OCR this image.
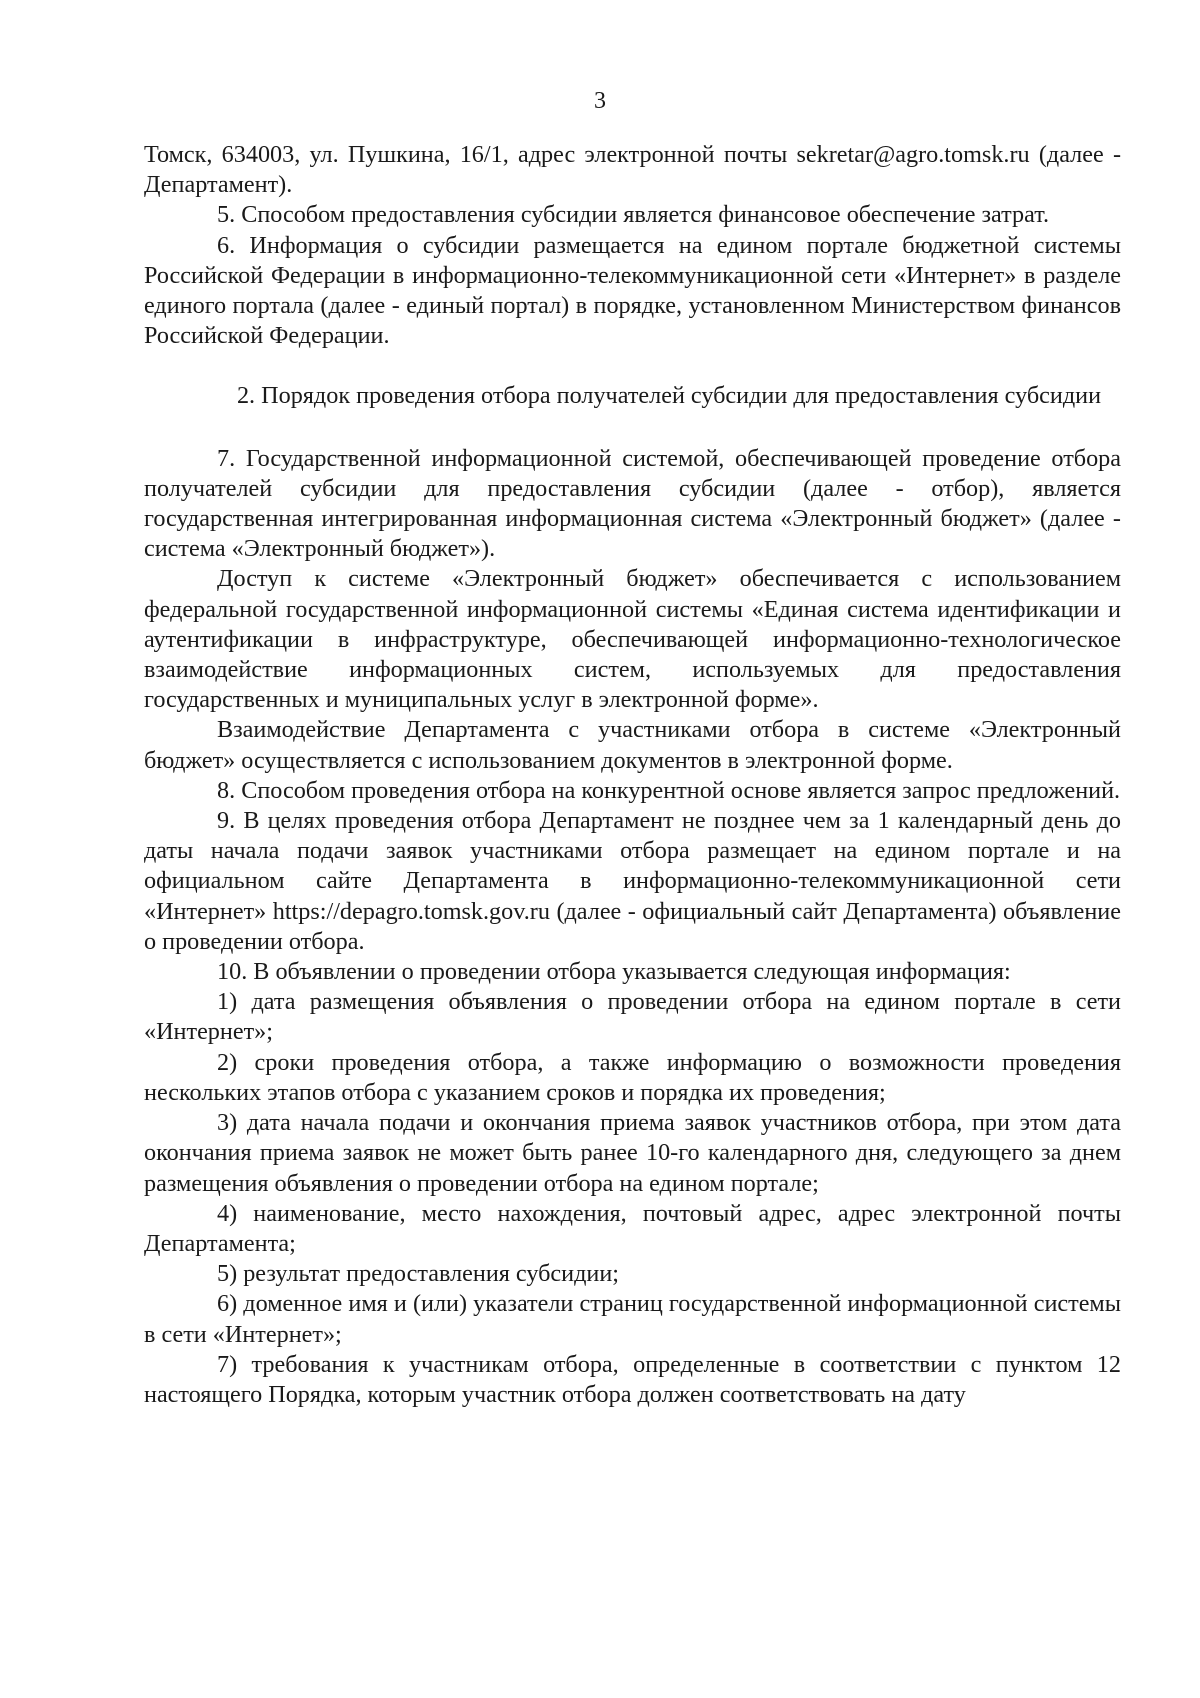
3

Томск, 634003, ул. Пушкина, 16/1, адрес электронной почты sekretar@agro.tomsk.ru (далее - Департамент).

5. Способом предоставления субсидии является финансовое обеспечение затрат.

6. Информация о субсидии размещается на едином портале бюджетной системы Российской Федерации в информационно-телекоммуникационной сети «Интернет» в разделе единого портала (далее - единый портал) в порядке, установленном Министерством финансов Российской Федерации.

2. Порядок проведения отбора получателей субсидии для предоставления субсидии

7. Государственной информационной системой, обеспечивающей проведение отбора получателей субсидии для предоставления субсидии (далее - отбор), является государственная интегрированная информационная система «Электронный бюджет» (далее - система «Электронный бюджет»).

Доступ к системе «Электронный бюджет» обеспечивается с использованием федеральной государственной информационной системы «Единая система идентификации и аутентификации в инфраструктуре, обеспечивающей информационно-технологическое взаимодействие информационных систем, используемых для предоставления государственных и муниципальных услуг в электронной форме».

Взаимодействие Департамента с участниками отбора в системе «Электронный бюджет» осуществляется с использованием документов в электронной форме.

8. Способом проведения отбора на конкурентной основе является запрос предложений.

9. В целях проведения отбора Департамент не позднее чем за 1 календарный день до даты начала подачи заявок участниками отбора размещает на едином портале и на официальном сайте Департамента в информационно-телекоммуникационной сети «Интернет» https://depagro.tomsk.gov.ru (далее - официальный сайт Департамента) объявление о проведении отбора.

10. В объявлении о проведении отбора указывается следующая информация:

1) дата размещения объявления о проведении отбора на едином портале в сети «Интернет»;

2) сроки проведения отбора, а также информацию о возможности проведения нескольких этапов отбора с указанием сроков и порядка их проведения;

3) дата начала подачи и окончания приема заявок участников отбора, при этом дата окончания приема заявок не может быть ранее 10-го календарного дня, следующего за днем размещения объявления о проведении отбора на едином портале;

4) наименование, место нахождения, почтовый адрес, адрес электронной почты Департамента;

5) результат предоставления субсидии;

6) доменное имя и (или) указатели страниц государственной информационной системы в сети «Интернет»;

7) требования к участникам отбора, определенные в соответствии с пунктом 12 настоящего Порядка, которым участник отбора должен соответствовать на дату
